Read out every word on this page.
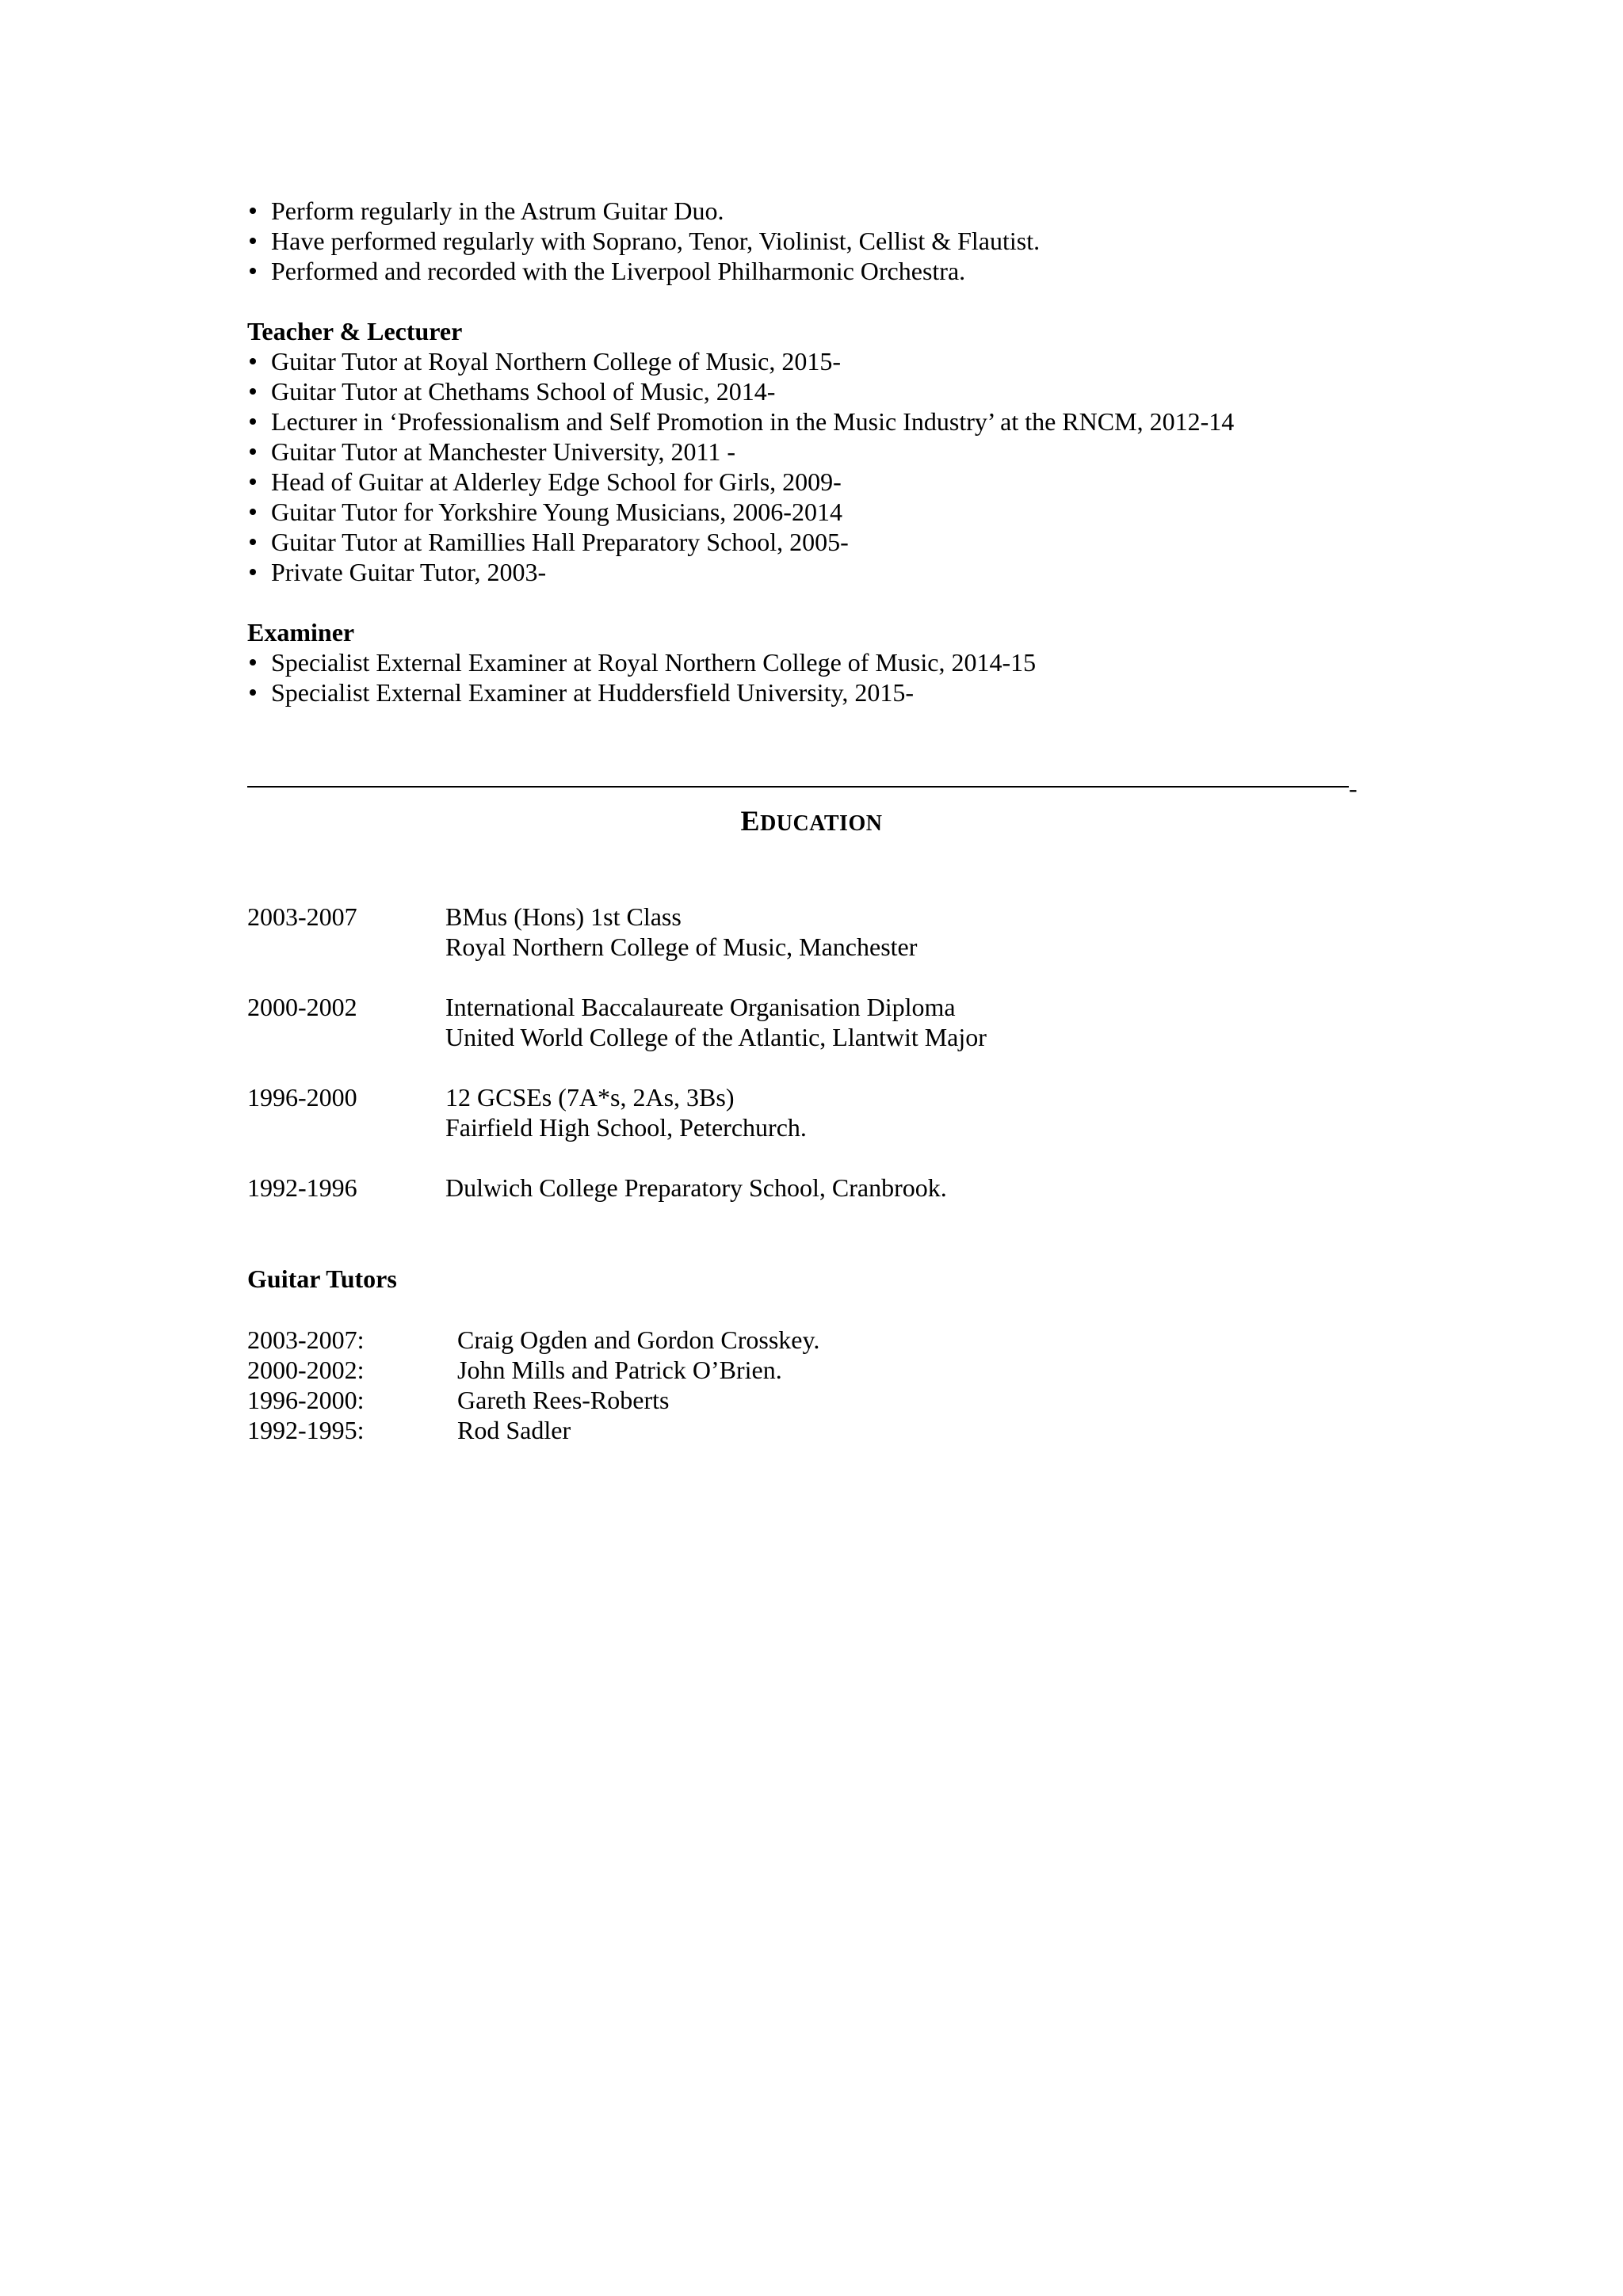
Perform regularly in the Astrum Guitar Duo.
Have performed regularly with Soprano, Tenor, Violinist, Cellist & Flautist.
Performed and recorded with the Liverpool Philharmonic Orchestra.

Teacher & Lecturer

Guitar Tutor at Royal Northern College of Music, 2015-
Guitar Tutor at Chethams School of Music, 2014-
Lecturer in ‘Professionalism and Self Promotion in the Music Industry’ at the RNCM, 2012-14
Guitar Tutor at Manchester University, 2011 -
Head of Guitar at Alderley Edge School for Girls, 2009-
Guitar Tutor for Yorkshire Young Musicians, 2006-2014
Guitar Tutor at Ramillies Hall Preparatory School, 2005-
Private Guitar Tutor, 2003-

Examiner

Specialist External Examiner at Royal Northern College of Music, 2014-15
Specialist External Examiner at Huddersfield University, 2015-
-
EDUCATION
2003-2007	BMus (Hons) 1st Class
Royal Northern College of Music, Manchester
2000-2002	International Baccalaureate Organisation Diploma
United World College of the Atlantic, Llantwit Major
1996-2000	12 GCSEs (7A*s, 2As, 3Bs)
Fairfield High School, Peterchurch.
1992-1996	Dulwich College Preparatory School, Cranbrook.
Guitar Tutors
2003-2007:	Craig Ogden and Gordon Crosskey.
2000-2002:	John Mills and Patrick O’Brien.
1996-2000:	Gareth Rees-Roberts
1992-1995:	Rod Sadler
